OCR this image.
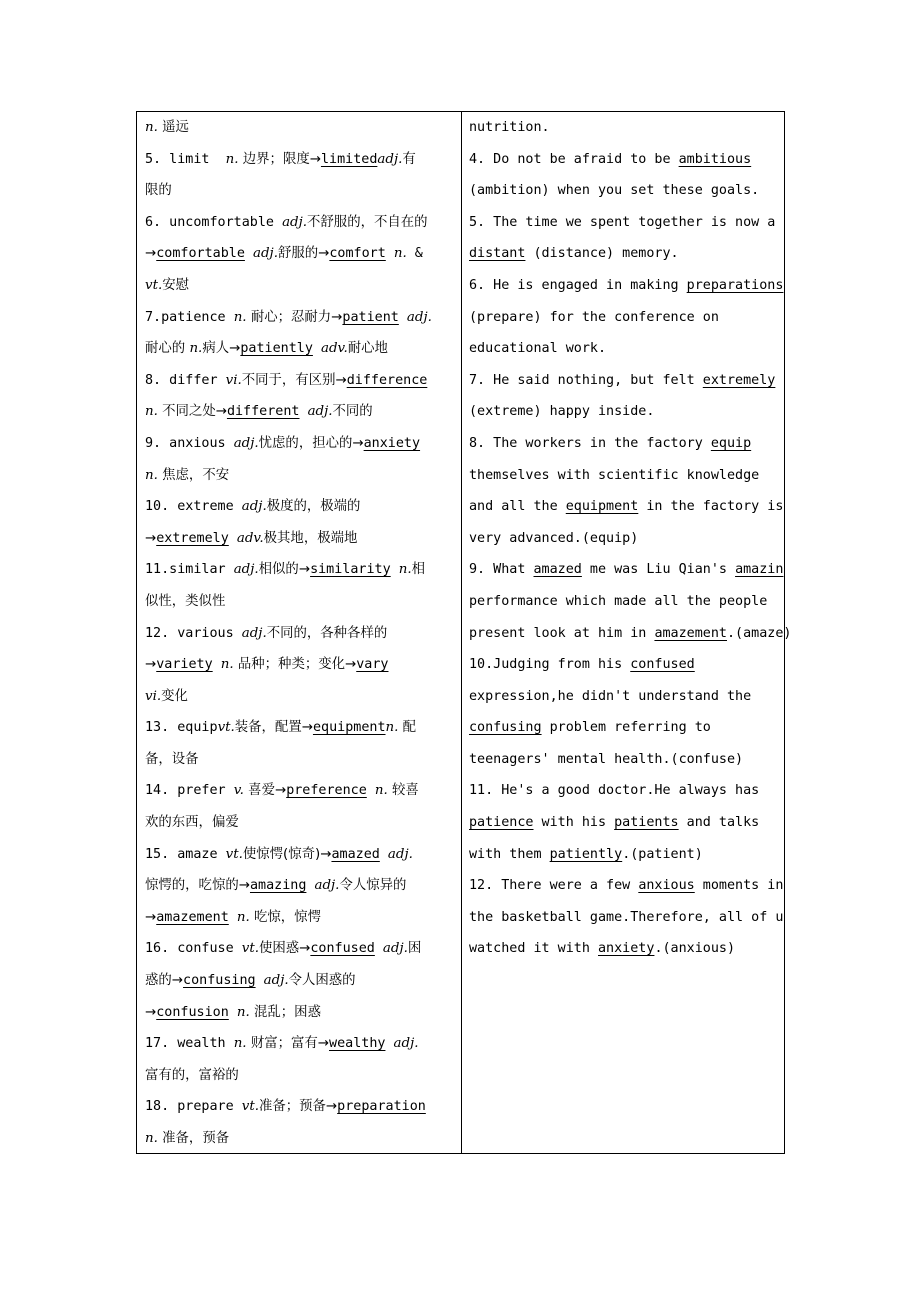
n. 遥远
5. limit  n. 边界；限度→limitedadj.有
限的
6. uncomfortable adj.不舒服的，不自在的
→comfortable adj.舒服的→comfort n. &
vt.安慰
7.patience n. 耐心；忍耐力→patient adj.
耐心的 n.病人→patiently adv.耐心地
8. differ vi.不同于，有区别→difference
n. 不同之处→different adj.不同的
9. anxious adj.忧虑的，担心的→anxiety
n. 焦虑，不安
10. extreme adj.极度的，极端的
→extremely adv.极其地，极端地
11.similar adj.相似的→similarity n.相
似性，类似性
12. various adj.不同的，各种各样的
→variety n. 品种；种类；变化→vary
vi.变化
13. equipvt.装备，配置→equipmentn. 配
备，设备
14. prefer v. 喜爱→preference n. 较喜
欢的东西，偏爱
15. amaze vt.使惊愕(惊奇)→amazed adj.
惊愕的，吃惊的→amazing adj.令人惊异的
→amazement n. 吃惊，惊愕
16. confuse vt.使困惑→confused adj.困
惑的→confusing adj.令人困惑的
→confusion n. 混乱；困惑
17. wealth n. 财富；富有→wealthy adj.
富有的，富裕的
18. prepare vt.准备；预备→preparation
n. 准备，预备
nutrition.
4. Do not be afraid to be ambitious
(ambition) when you set these goals.
5. The time we spent together is now a
distant (distance) memory.
6. He is engaged in making preparations
(prepare) for the conference on
educational work.
7. He said nothing, but felt extremely
(extreme) happy inside.
8. The workers in the factory equip
themselves with scientific knowledge
and all the equipment in the factory is
very advanced.(equip)
9. What amazed me was Liu Qian's amazin
performance which made all the people
present look at him in amazement.(amaze)
10.Judging from his confused
expression,he didn't understand the
confusing problem referring to
teenagers' mental health.(confuse)
11. He's a good doctor.He always has
patience with his patients and talks
with them patiently.(patient)
12. There were a few anxious moments in
the basketball game.Therefore, all of u
watched it with anxiety.(anxious)
